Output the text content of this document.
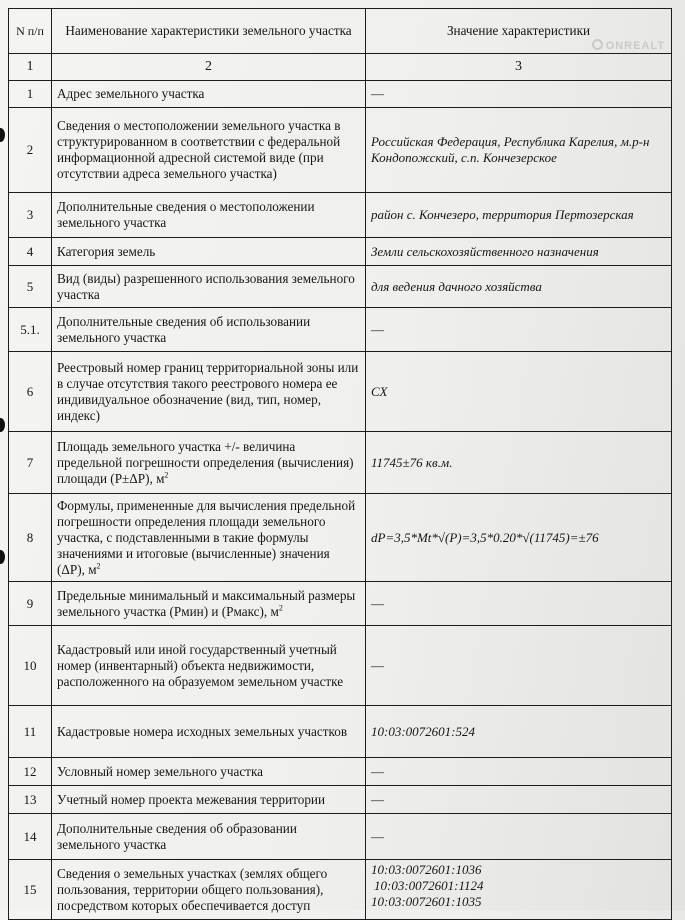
N п/п	Наименование характеристики земельного участка	Значение характеристики
ONREALT

1	2	3
1	Адрес земельного участка	—
2	Сведения о местоположении земельного участка в структурированном в соответствии с федеральной информационной адресной системой виде (при отсутствии адреса земельного участка)	Российская Федерация, Республика Карелия, м.р-н Кондопожский, с.п. Кончезерское
3	Дополнительные сведения о местоположении земельного участка	район с. Кончезеро, территория Пертозерская
4	Категория земель	Земли сельскохозяйственного назначения
5	Вид (виды) разрешенного использования земельного участка	для ведения дачного хозяйства
5.1.	Дополнительные сведения об использовании земельного участка	—
6	Реестровый номер границ территориальной зоны или в случае отсутствия такого реестрового номера ее индивидуальное обозначение (вид, тип, номер, индекс)	СХ
7	Площадь земельного участка +/- величина предельной погрешности определения (вычисления) площади (Р±ΔР), $м^2$	11745±76 кв.м.
8	Формулы, примененные для вычисления предельной погрешности определения площади земельного участка, с подставленными в такие формулы значениями и итоговые (вычисленные) значения (ΔР), $м^2$	dP=3,5*Mt*√(P)=3,5*0.20*√(11745)=±76
9	Предельные минимальный и максимальный размеры земельного участка (Рмин) и (Рмакс), $м^2$	—
10	Кадастровый или иной государственный учетный номер (инвентарный) объекта недвижимости, расположенного на образуемом земельном участке	—
11	Кадастровые номера исходных земельных участков	10:03:0072601:524
12	Условный номер земельного участка	—
13	Учетный номер проекта межевания территории	—
14	Дополнительные сведения об образовании земельного участка	—
15	Сведения о земельных участках (землях общего пользования, территории общего пользования), посредством которых обеспечивается доступ	10:03:0072601:1036
10:03:0072601:1124
10:03:0072601:1035
